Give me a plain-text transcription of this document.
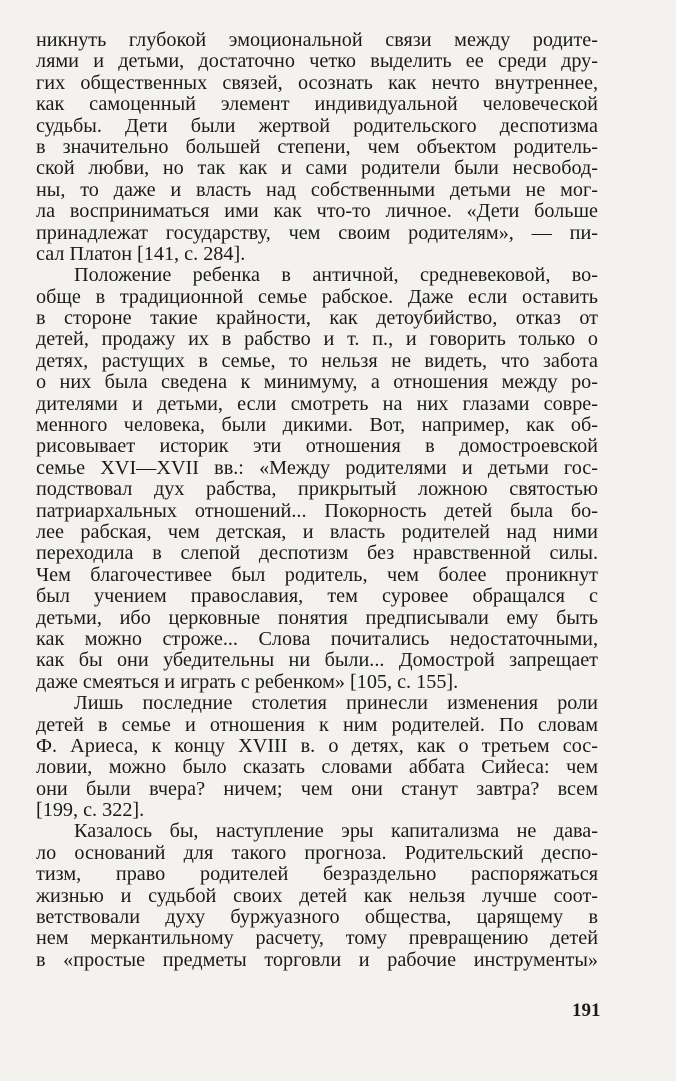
никнуть глубокой эмоциональной связи между родите-
лями и детьми, достаточно четко выделить ее среди дру-
гих общественных связей, осознать как нечто внутреннее,
как самоценный элемент индивидуальной человеческой
судьбы. Дети были жертвой родительского деспотизма
в значительно большей степени, чем объектом родитель-
ской любви, но так как и сами родители были несвобод-
ны, то даже и власть над собственными детьми не мог-
ла восприниматься ими как что-то личное. «Дети больше
принадлежат государству, чем своим родителям», — пи-
сал Платон [141, с. 284].
Положение ребенка в античной, средневековой, во-
обще в традиционной семье рабское. Даже если оставить
в стороне такие крайности, как детоубийство, отказ от
детей, продажу их в рабство и т. п., и говорить только о
детях, растущих в семье, то нельзя не видеть, что забота
о них была сведена к минимуму, а отношения между ро-
дителями и детьми, если смотреть на них глазами совре-
менного человека, были дикими. Вот, например, как об-
рисовывает историк эти отношения в домостроевской
семье XVI—XVII вв.: «Между родителями и детьми гос-
подствовал дух рабства, прикрытый ложною святостью
патриархальных отношений... Покорность детей была бо-
лее рабская, чем детская, и власть родителей над ними
переходила в слепой деспотизм без нравственной силы.
Чем благочестивее был родитель, чем более проникнут
был учением православия, тем суровее обращался с
детьми, ибо церковные понятия предписывали ему быть
как можно строже... Слова почитались недостаточными,
как бы они убедительны ни были... Домострой запрещает
даже смеяться и играть с ребенком» [105, с. 155].
Лишь последние столетия принесли изменения роли
детей в семье и отношения к ним родителей. По словам
Ф. Ариеса, к концу XVIII в. о детях, как о третьем сос-
ловии, можно было сказать словами аббата Сийеса: чем
они были вчера? ничем; чем они станут завтра? всем
[199, с. 322].
Казалось бы, наступление эры капитализма не дава-
ло оснований для такого прогноза. Родительский деспо-
тизм, право родителей безраздельно распоряжаться
жизнью и судьбой своих детей как нельзя лучше соот-
ветствовали духу буржуазного общества, царящему в
нем меркантильному расчету, тому превращению детей
в «простые предметы торговли и рабочие инструменты»
191
